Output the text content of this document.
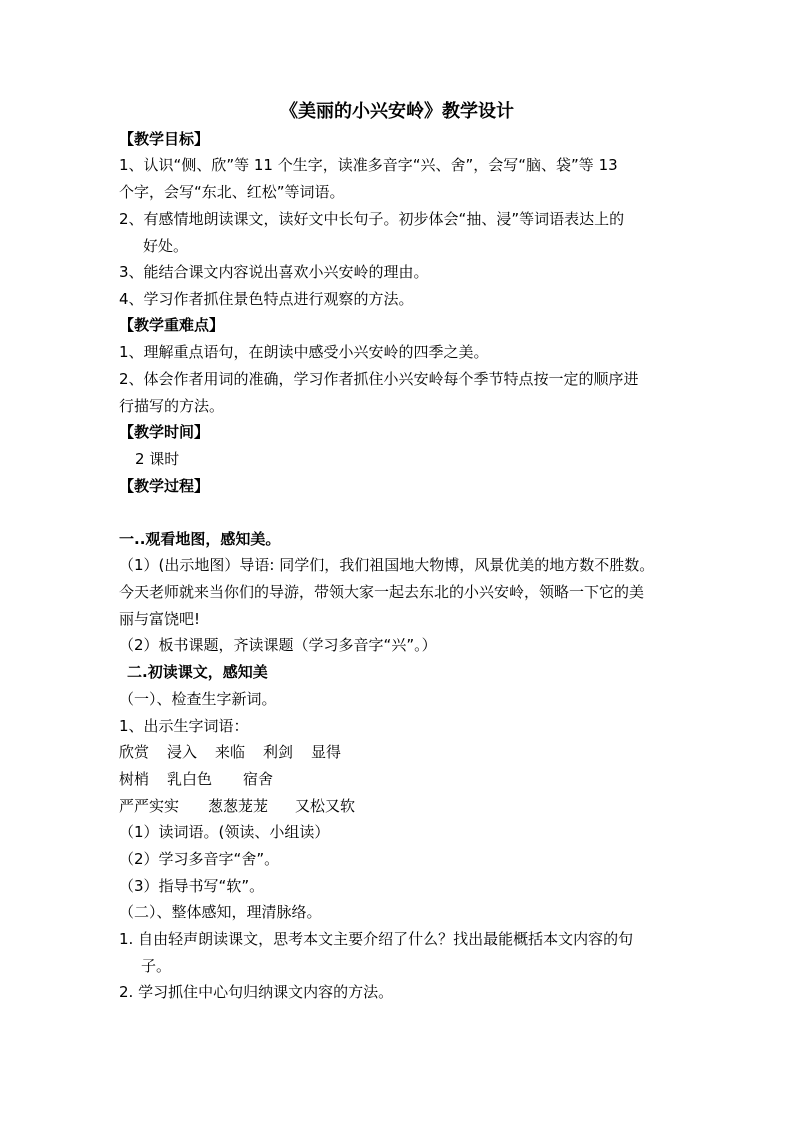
《美丽的小兴安岭》教学设计
【教学目标】
1、认识“侧、欣”等 11 个生字，读准多音字“兴、舍”，会写“脑、袋”等 13
个字，会写“东北、红松”等词语。
2、有感情地朗读课文，读好文中长句子。初步体会“抽、浸”等词语表达上的
好处。
3、能结合课文内容说出喜欢小兴安岭的理由。
4、学习作者抓住景色特点进行观察的方法。
【教学重难点】
1、理解重点语句，在朗读中感受小兴安岭的四季之美。
2、体会作者用词的准确，学习作者抓住小兴安岭每个季节特点按一定的顺序进
行描写的方法。
【教学时间】
2 课时
【教学过程】
一..观看地图，感知美。
（1）(出示地图）导语: 同学们，我们祖国地大物博，风景优美的地方数不胜数。
今天老师就来当你们的导游，带领大家一起去东北的小兴安岭，领略一下它的美
丽与富饶吧!
（2）板书课题，齐读课题（学习多音字“兴”。）
二.初读课文，感知美
（一）、检查生字新词。
1、出示生字词语：
欣赏 浸入 来临 利剑 显得
树梢 乳白色 宿舍
严严实实 葱葱茏茏 又松又软
（1）读词语。(领读、小组读）
（2）学习多音字“舍”。
（3）指导书写“软”。
（二）、整体感知，理清脉络。
1. 自由轻声朗读课文，思考本文主要介绍了什么？找出最能概括本文内容的句
子。
2. 学习抓住中心句归纳课文内容的方法。
